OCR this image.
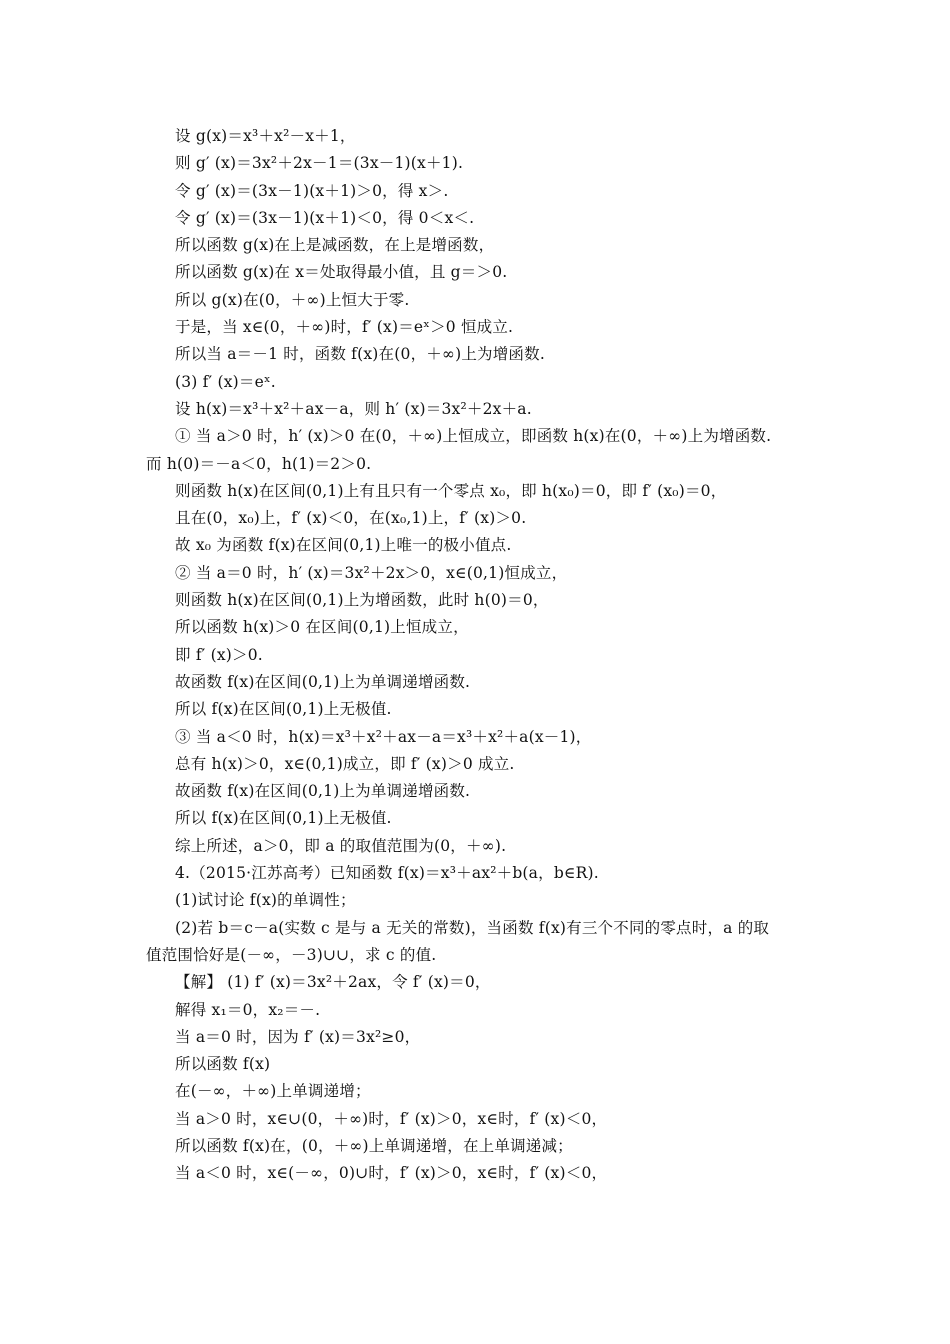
设 g(x)＝x³＋x²－x＋1，
则 g′ (x)＝3x²＋2x－1＝(3x－1)(x＋1).
令 g′ (x)＝(3x－1)(x＋1)＞0，得 x＞.
令 g′ (x)＝(3x－1)(x＋1)＜0，得 0＜x＜.
所以函数 g(x)在上是减函数，在上是增函数，
所以函数 g(x)在 x＝处取得最小值，且 g＝＞0.
所以 g(x)在(0，＋∞)上恒大于零.
于是，当 x∈(0，＋∞)时，f′ (x)＝eˣ＞0 恒成立.
所以当 a＝－1 时，函数 f(x)在(0，＋∞)上为增函数.
(3) f′ (x)＝eˣ.
设 h(x)＝x³＋x²＋ax－a，则 h′ (x)＝3x²＋2x＋a.
① 当 a＞0 时，h′ (x)＞0 在(0，＋∞)上恒成立，即函数 h(x)在(0，＋∞)上为增函数.
而 h(0)＝－a＜0，h(1)＝2＞0.
则函数 h(x)在区间(0,1)上有且只有一个零点 x₀，即 h(x₀)＝0，即 f′ (x₀)＝0，
且在(0，x₀)上，f′ (x)＜0，在(x₀,1)上，f′ (x)＞0.
故 x₀ 为函数 f(x)在区间(0,1)上唯一的极小值点.
② 当 a＝0 时，h′ (x)＝3x²＋2x＞0，x∈(0,1)恒成立，
则函数 h(x)在区间(0,1)上为增函数，此时 h(0)＝0，
所以函数 h(x)＞0 在区间(0,1)上恒成立，
即 f′ (x)＞0.
故函数 f(x)在区间(0,1)上为单调递增函数.
所以 f(x)在区间(0,1)上无极值.
③ 当 a＜0 时，h(x)＝x³＋x²＋ax－a＝x³＋x²＋a(x－1)，
总有 h(x)＞0，x∈(0,1)成立，即 f′ (x)＞0 成立.
故函数 f(x)在区间(0,1)上为单调递增函数.
所以 f(x)在区间(0,1)上无极值.
综上所述，a＞0，即 a 的取值范围为(0，＋∞).
4.（2015·江苏高考）已知函数 f(x)＝x³＋ax²＋b(a，b∈R).
(1)试讨论 f(x)的单调性；
(2)若 b＝c－a(实数 c 是与 a 无关的常数)，当函数 f(x)有三个不同的零点时，a 的取
值范围恰好是(－∞，－3)∪∪，求 c 的值.
【解】 (1) f′ (x)＝3x²＋2ax，令 f′ (x)＝0，
解得 x₁＝0，x₂＝－.
当 a＝0 时，因为 f′ (x)＝3x²≥0，
所以函数 f(x)
在(－∞，＋∞)上单调递增；
当 a＞0 时，x∈∪(0，＋∞)时，f′ (x)＞0，x∈时，f′ (x)＜0，
所以函数 f(x)在，(0，＋∞)上单调递增，在上单调递减；
当 a＜0 时，x∈(－∞，0)∪时，f′ (x)＞0，x∈时，f′ (x)＜0，
